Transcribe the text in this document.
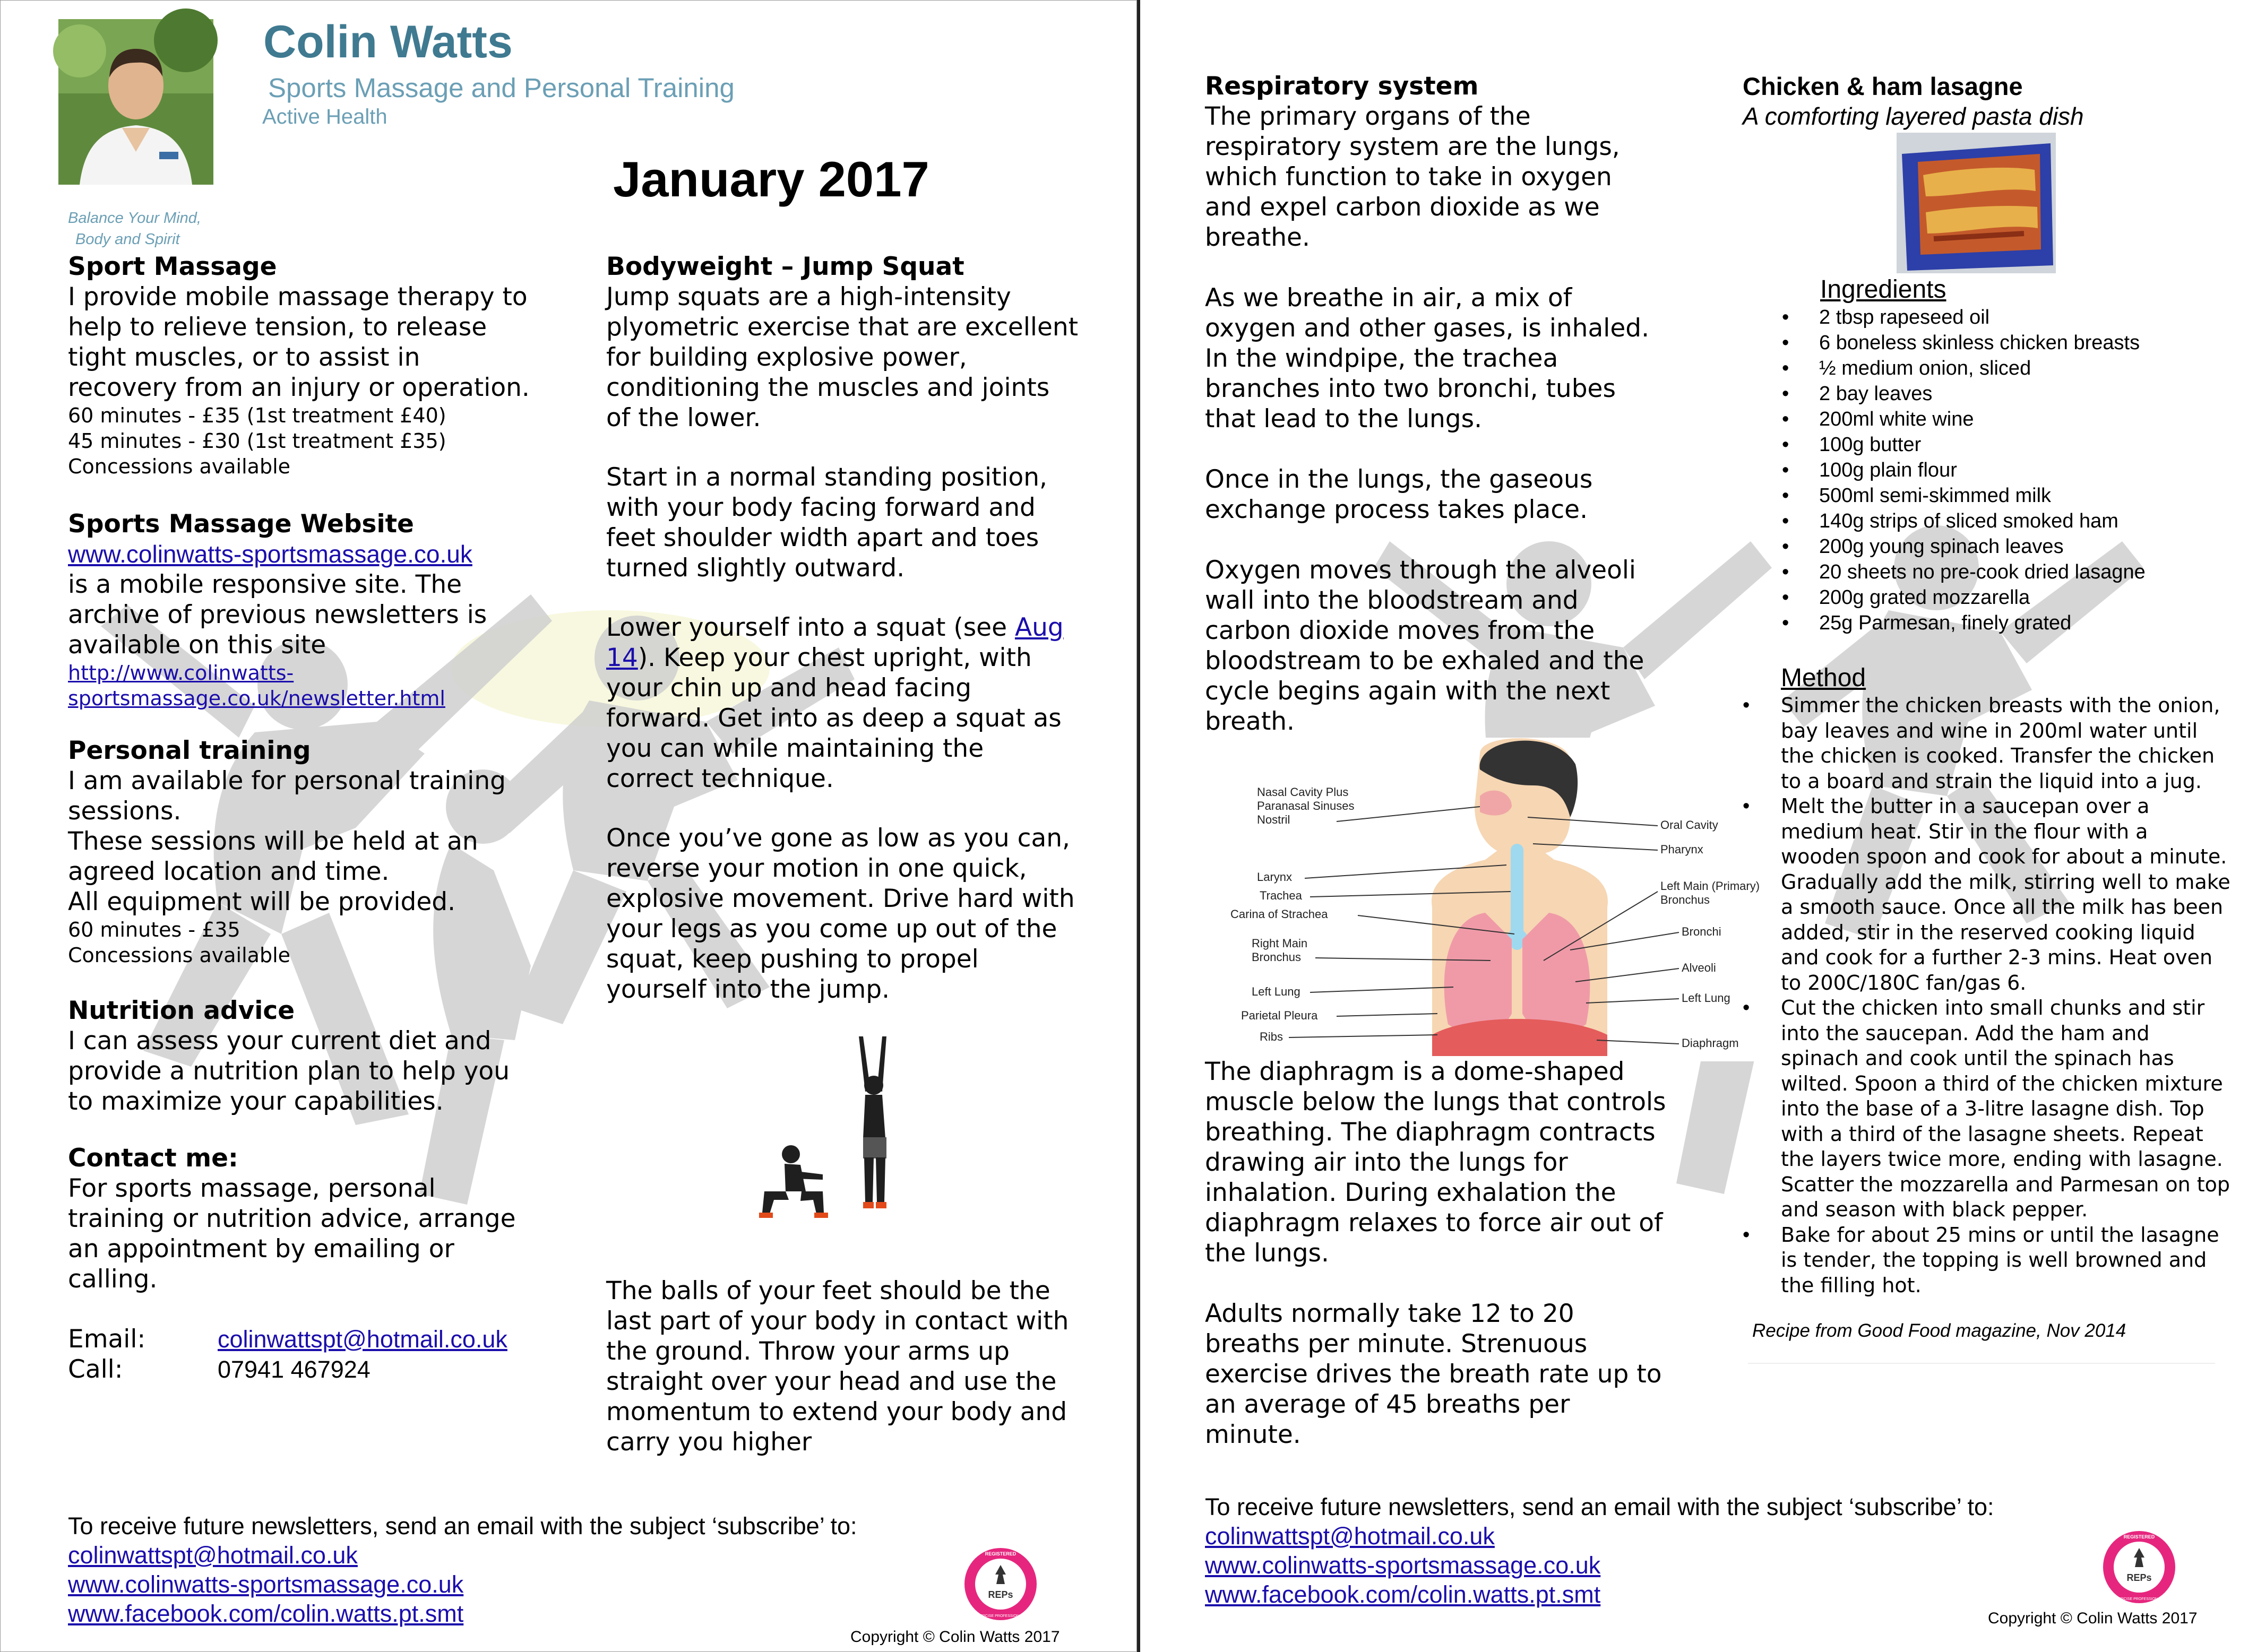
Colin Watts
Sports Massage and Personal Training
Active Health
Balance Your Mind,
Body and Spirit
January 2017
Sport Massage

I provide mobile massage therapy to help to relieve tension, to release tight muscles, or to assist in recovery from an injury or operation.

60 minutes - £35 (1st treatment £40)

45 minutes - £30 (1st treatment £35)

Concessions available

Sports Massage Website
www.colinwatts-sportsmassage.co.uk

is a mobile responsive site. The archive of previous newsletters is available on this site

http://www.colinwatts-
sportsmassage.co.uk/newsletter.html
Personal training

I am available for personal training sessions.

These sessions will be held at an agreed location and time.

All equipment will be provided.

60 minutes - £35

Concessions available

Nutrition advice

I can assess your current diet and provide a nutrition plan to help you to maximize your capabilities.

Contact me:

For sports massage, personal training or nutrition advice, arrange an appointment by emailing or calling.

Email:	colinwattspt@hotmail.co.uk
Call:	07941 467924
Bodyweight – Jump Squat

Jump squats are a high-intensity plyometric exercise that are excellent for building explosive power, conditioning the muscles and joints of the lower.

Start in a normal standing position, with your body facing forward and feet shoulder width apart and toes turned slightly outward.

Lower yourself into a squat (see Aug 14). Keep your chest upright, with your chin up and head facing forward. Get into as deep a squat as you can while maintaining the correct technique.

Once you’ve gone as low as you can, reverse your motion in one quick, explosive movement. Drive hard with your legs as you come up out of the squat, keep pushing to propel yourself into the jump.

The balls of your feet should be the last part of your body in contact with the ground. Throw your arms up straight over your head and use the momentum to extend your body and carry you higher

To receive future newsletters, send an email with the subject ‘subscribe’ to:
colinwattspt@hotmail.co.uk
www.colinwatts-sportsmassage.co.uk
www.facebook.com/colin.watts.pt.smt
REPs
REGISTERED
EXERCISE PROFESSIONALS
Copyright © Colin Watts 2017
Respiratory system

The primary organs of the respiratory system are the lungs, which function to take in oxygen and expel carbon dioxide as we breathe.

As we breathe in air, a mix of oxygen and other gases, is inhaled. In the windpipe, the trachea branches into two bronchi, tubes that lead to the lungs.

Once in the lungs, the gaseous exchange process takes place.

Oxygen moves through the alveoli wall into the bloodstream and carbon dioxide moves from the bloodstream to be exhaled and the cycle begins again with the next breath.

Nasal Cavity Plus
Paranasal Sinuses
Nostril
Larynx
Trachea
Carina of Strachea
Right Main
Bronchus
Left Lung
Parietal Pleura
Ribs
Oral Cavity
Pharynx
Left Main (Primary)
Bronchus
Bronchi
Alveoli
Left Lung
Diaphragm

The diaphragm is a dome-shaped muscle below the lungs that controls breathing. The diaphragm contracts drawing air into the lungs for inhalation. During exhalation the diaphragm relaxes to force air out of the lungs.

Adults normally take 12 to 20 breaths per minute. Strenuous exercise drives the breath rate up to an average of 45 breaths per minute.

Chicken & ham lasagne
A comforting layered pasta dish
Ingredients
• 2 tbsp rapeseed oil
• 6 boneless skinless chicken breasts
• ½ medium onion, sliced
• 2 bay leaves
• 200ml white wine
• 100g butter
• 100g plain flour
• 500ml semi-skimmed milk
• 140g strips of sliced smoked ham
• 200g young spinach leaves
• 20 sheets no pre-cook dried lasagne
• 200g grated mozzarella
• 25g Parmesan, finely grated
Method
• Simmer the chicken breasts with the onion, bay leaves and wine in 200ml water until the chicken is cooked. Transfer the chicken to a board and strain the liquid into a jug.
• Melt the butter in a saucepan over a medium heat. Stir in the flour with a wooden spoon and cook for about a minute. Gradually add the milk, stirring well to make a smooth sauce. Once all the milk has been added, stir in the reserved cooking liquid and cook for a further 2-3 mins. Heat oven to 200C/180C fan/gas 6.
• Cut the chicken into small chunks and stir into the saucepan. Add the ham and spinach and cook until the spinach has wilted. Spoon a third of the chicken mixture into the base of a 3-litre lasagne dish. Top with a third of the lasagne sheets. Repeat the layers twice more, ending with lasagne. Scatter the mozzarella and Parmesan on top and season with black pepper.
• Bake for about 25 mins or until the lasagne is tender, the topping is well browned and the filling hot.
Recipe from Good Food magazine, Nov 2014
To receive future newsletters, send an email with the subject ‘subscribe’ to:
colinwattspt@hotmail.co.uk
www.colinwatts-sportsmassage.co.uk
www.facebook.com/colin.watts.pt.smt
REPs
REGISTERED
EXERCISE PROFESSIONALS
Copyright © Colin Watts 2017
